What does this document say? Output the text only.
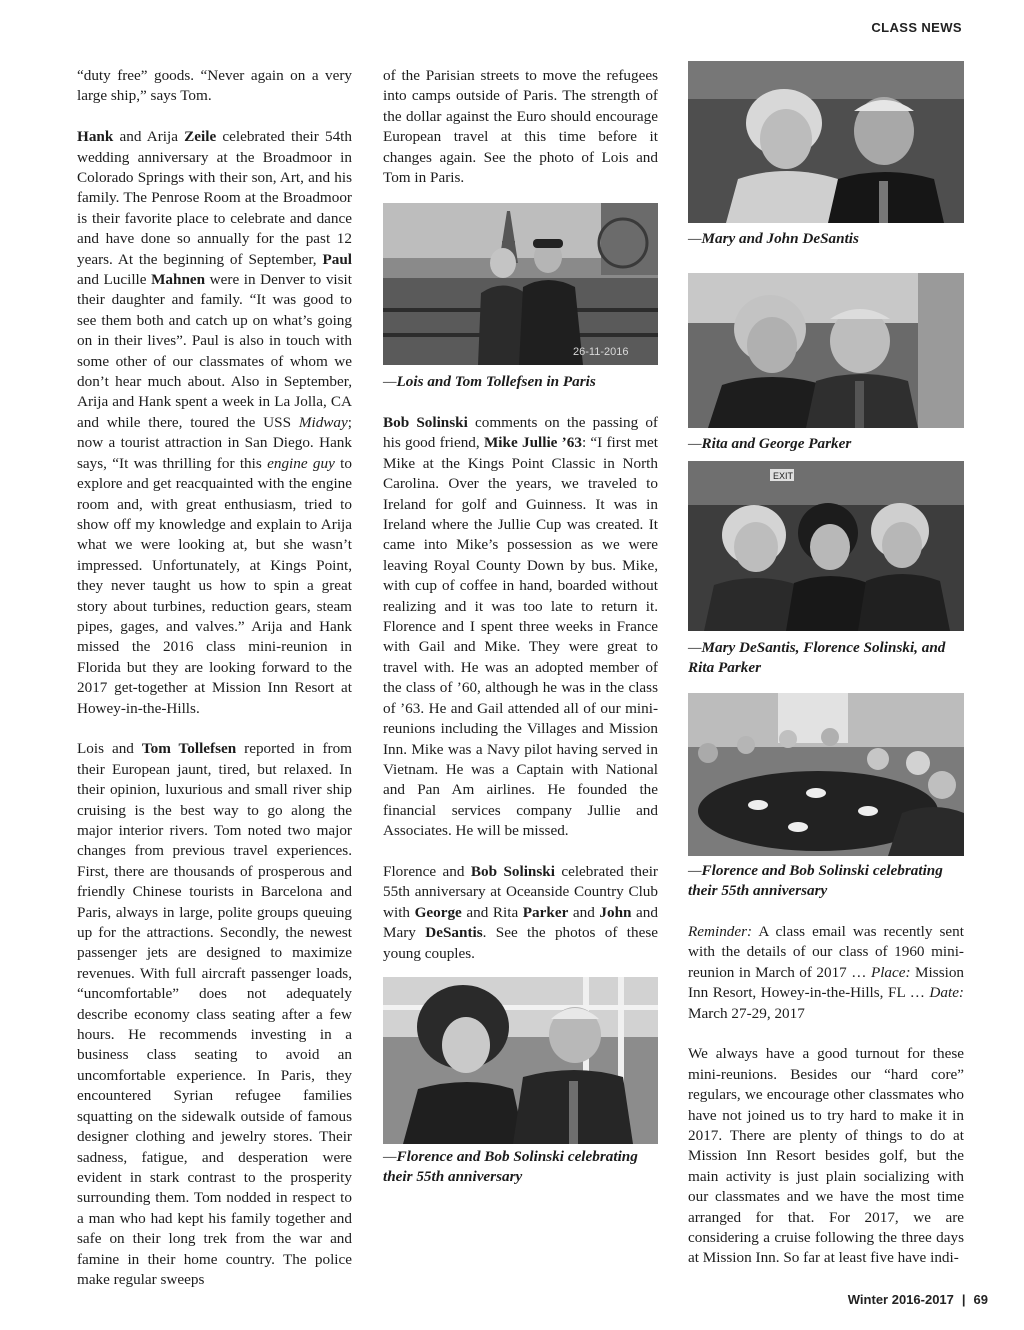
CLASS NEWS

“duty free” goods. “Never again on a very large ship,” says Tom.

Hank and Arija Zeile celebrated their 54th wedding anniversary at the Broadmoor in Colorado Springs with their son, Art, and his family. The Penrose Room at the Broadmoor is their favorite place to celebrate and dance and have done so annually for the past 12 years. At the beginning of September, Paul and Lucille Mahnen were in Denver to visit their daughter and family. “It was good to see them both and catch up on what’s going on in their lives”. Paul is also in touch with some other of our classmates of whom we don’t hear much about. Also in September, Arija and Hank spent a week in La Jolla, CA and while there, toured the USS Midway; now a tourist attraction in San Diego. Hank says, “It was thrilling for this engine guy to explore and get reacquainted with the engine room and, with great enthusiasm, tried to show off my knowledge and explain to Arija what we were looking at, but she wasn’t impressed. Unfortunately, at Kings Point, they never taught us how to spin a great story about turbines, reduction gears, steam pipes, gages, and valves.” Arija and Hank missed the 2016 class mini-reunion in Florida but they are looking forward to the 2017 get-together at Mission Inn Resort at Howey-in-the-Hills.

Lois and Tom Tollefsen reported in from their European jaunt, tired, but relaxed. In their opinion, luxurious and small river ship cruising is the best way to go along the major interior rivers. Tom noted two major changes from previous travel experiences. First, there are thousands of prosperous and friendly Chinese tourists in Barcelona and Paris, always in large, polite groups queuing up for the attractions. Secondly, the newest passenger jets are designed to maximize revenues. With full aircraft passenger loads, “uncomfortable” does not adequately describe economy class seating after a few hours. He recommends investing in a business class seating to avoid an uncomfortable experience. In Paris, they encountered Syrian refugee families squatting on the sidewalk outside of famous designer clothing and jewelry stores. Their sadness, fatigue, and desperation were evident in stark contrast to the prosperity surrounding them. Tom nodded in respect to a man who had kept his family together and safe on their long trek from the war and famine in their home country. The police make regular sweeps

of the Parisian streets to move the refugees into camps outside of Paris. The strength of the dollar against the Euro should encourage European travel at this time before it changes again. See the photo of Lois and Tom in Paris.

26-11-2016
—Lois and Tom Tollefsen in Paris

Bob Solinski comments on the passing of his good friend, Mike Jullie ’63: “I first met Mike at the Kings Point Classic in North Carolina. Over the years, we traveled to Ireland for golf and Guinness. It was in Ireland where the Jullie Cup was created. It came into Mike’s possession as we were leaving Royal County Down by bus. Mike, with cup of coffee in hand, boarded without realizing and it was too late to return it. Florence and I spent three weeks in France with Gail and Mike. They were great to travel with. He was an adopted member of the class of ’60, although he was in the class of ’63. He and Gail attended all of our mini-reunions including the Villages and Mission Inn. Mike was a Navy pilot having served in Vietnam. He was a Captain with National and Pan Am airlines. He founded the financial services company Jullie and Associates. He will be missed.

Florence and Bob Solinski celebrated their 55th anniversary at Oceanside Country Club with George and Rita Parker and John and Mary DeSantis. See the photos of these young couples.

—Florence and Bob Solinski celebrating their 55th anniversary
—Mary and John DeSantis
—Rita and George Parker
EXIT
—Mary DeSantis, Florence Solinski, and Rita Parker
—Florence and Bob Solinski celebrating their 55th anniversary

Reminder: A class email was recently sent with the details of our class of 1960 mini-reunion in March of 2017 … Place: Mission Inn Resort, Howey-in-the-Hills, FL … Date: March 27-29, 2017

We always have a good turnout for these mini-reunions. Besides our “hard core” regulars, we encourage other classmates who have not joined us to try hard to make it in 2017. There are plenty of things to do at Mission Inn Resort besides golf, but the main activity is just plain socializing with our classmates and we have the most time arranged for that. For 2017, we are considering a cruise following the three days at Mission Inn. So far at least five have indi-

Winter 2016-2017 | 69
